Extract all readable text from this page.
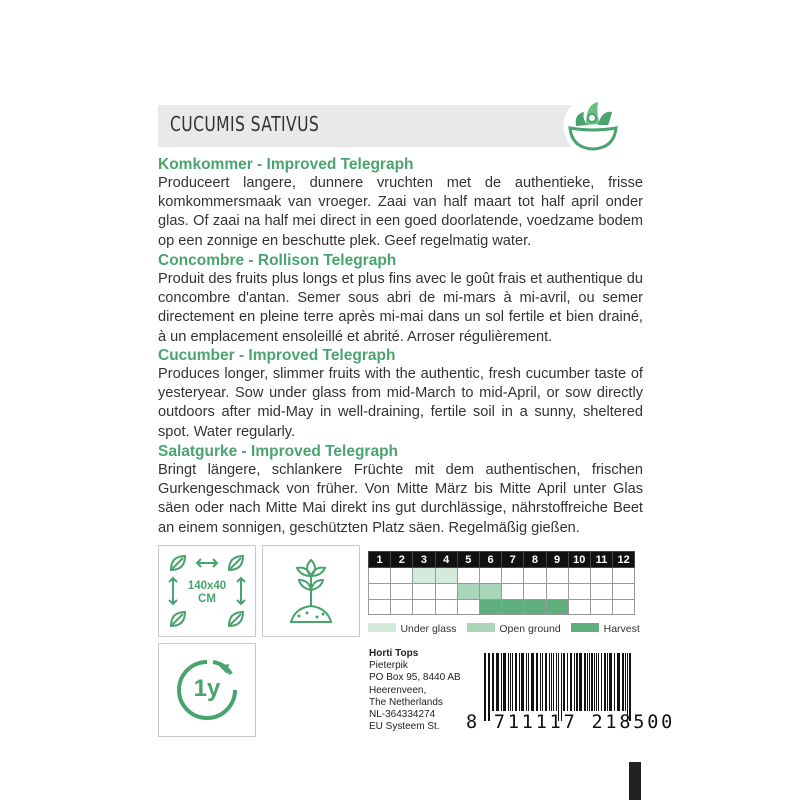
CUCUMIS SATIVUS
Komkommer - Improved Telegraph
Produceert langere, dunnere vruchten met de authentieke, frisse komkommersmaak van vroeger. Zaai van half maart tot half april onder glas. Of zaai na half mei direct in een goed doorlatende, voedzame bodem op een zonnige en beschutte plek. Geef regelmatig water.
Concombre - Rollison Telegraph
Produit des fruits plus longs et plus fins avec le goût frais et authentique du concombre d'antan. Semer sous abri de mi-mars à mi-avril, ou semer directement en pleine terre après mi-mai dans un sol fertile et bien drainé, à un emplacement ensoleillé et abrité. Arroser régulièrement.
Cucumber - Improved Telegraph
Produces longer, slimmer fruits with the authentic, fresh cucumber taste of yesteryear. Sow under glass from mid-March to mid-April, or sow directly outdoors after mid-May in well-draining, fertile soil in a sunny, sheltered spot. Water regularly.
Salatgurke - Improved Telegraph
Bringt längere, schlankere Früchte mit dem authentischen, frischen Gurkengeschmack von früher. Von Mitte März bis Mitte April unter Glas säen oder nach Mitte Mai direkt ins gut durchlässige, nährstoffreiche Beet an einem sonnigen, geschützten Platz säen. Regelmäßig gießen.
140x40
CM
1y
1	2	3	4	5	6	7	8	9	10	11	12

Under glass	Open ground	Harvest
Horti Tops
Pieterpik
PO Box 95, 8440 AB
Heerenveen,
The Netherlands
NL-364334274
EU Systeem St.	8 711117 218500
